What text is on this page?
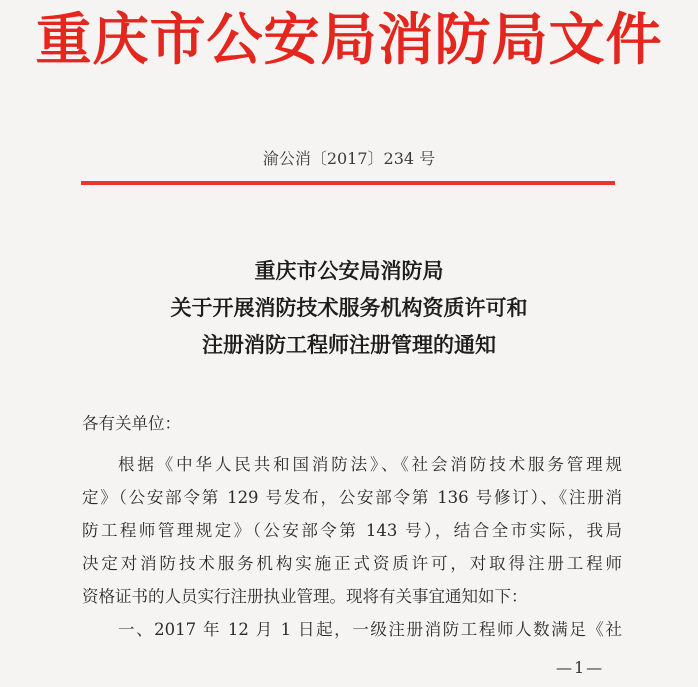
重庆市公安局消防局文件
渝公消〔2017〕234 号
重庆市公安局消防局
关于开展消防技术服务机构资质许可和
注册消防工程师注册管理的通知
各有关单位：
根据《中华人民共和国消防法》、《社会消防技术服务管理规
定》（公安部令第 129 号发布，公安部令第 136 号修订）、《注册消
防工程师管理规定》（公安部令第 143 号），结合全市实际，我局
决定对消防技术服务机构实施正式资质许可，对取得注册工程师
资格证书的人员实行注册执业管理。现将有关事宜通知如下：
一、2017 年 12 月 1 日起，一级注册消防工程师人数满足《社
—1—
